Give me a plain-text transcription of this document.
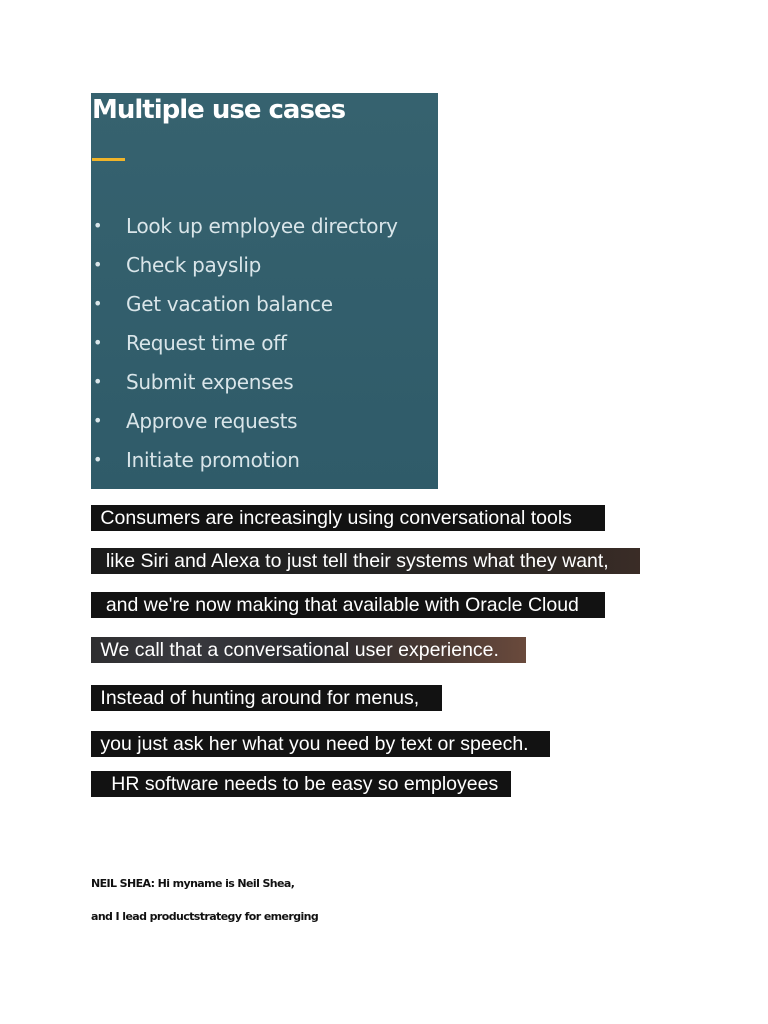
Multiple use cases
• Look up employee directory
• Check payslip
• Get vacation balance
• Request time off
• Submit expenses
• Approve requests
• Initiate promotion
Consumers are increasingly using conversational tools
like Siri and Alexa to just tell their systems what they want,
and we're now making that available with Oracle Cloud
We call that a conversational user experience.
Instead of hunting around for menus,
you just ask her what you need by text or speech.
HR software needs to be easy so employees

NEIL SHEA: Hi myname is Neil Shea,

and I lead productstrategy for emerging
